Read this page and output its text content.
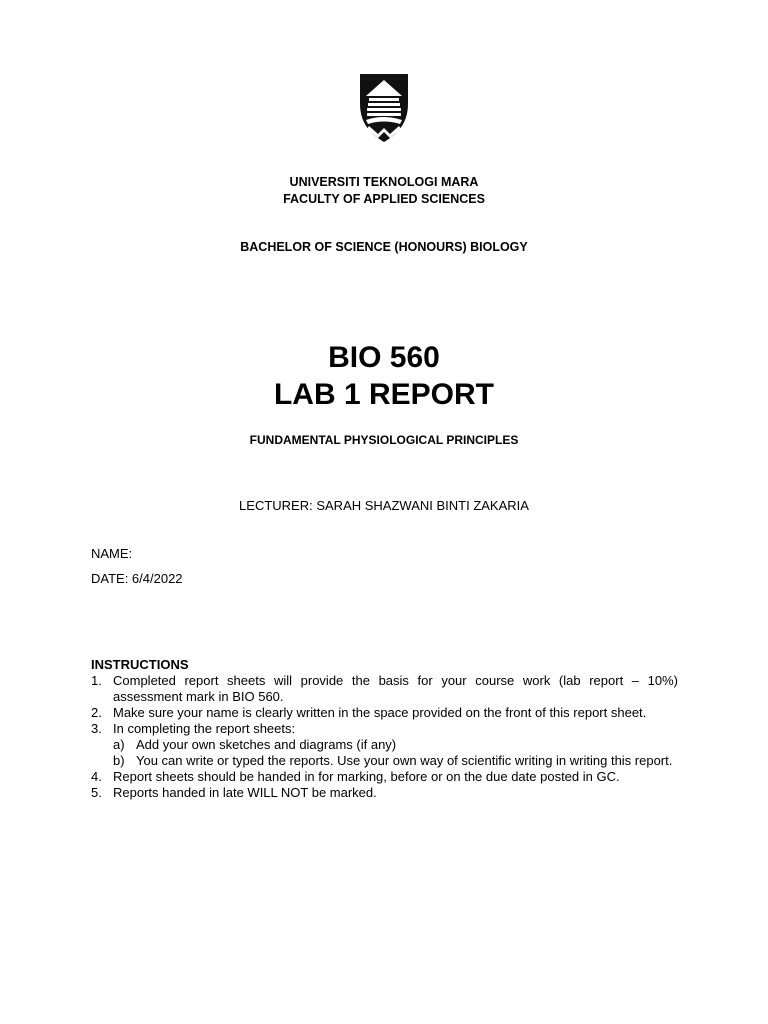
UNIVERSITI TEKNOLOGI MARA
FACULTY OF APPLIED SCIENCES
BACHELOR OF SCIENCE (HONOURS) BIOLOGY
BIO 560
LAB 1 REPORT
FUNDAMENTAL PHYSIOLOGICAL PRINCIPLES
LECTURER: SARAH SHAZWANI BINTI ZAKARIA
NAME:
DATE: 6/4/2022

INSTRUCTIONS

1. Completed report sheets will provide the basis for your course work (lab report – 10%) assessment mark in BIO 560.
2. Make sure your name is clearly written in the space provided on the front of this report sheet.
3. In completing the report sheets:
a) Add your own sketches and diagrams (if any)
b) You can write or typed the reports. Use your own way of scientific writing in writing this report.
4. Report sheets should be handed in for marking, before or on the due date posted in GC.
5. Reports handed in late WILL NOT be marked.
